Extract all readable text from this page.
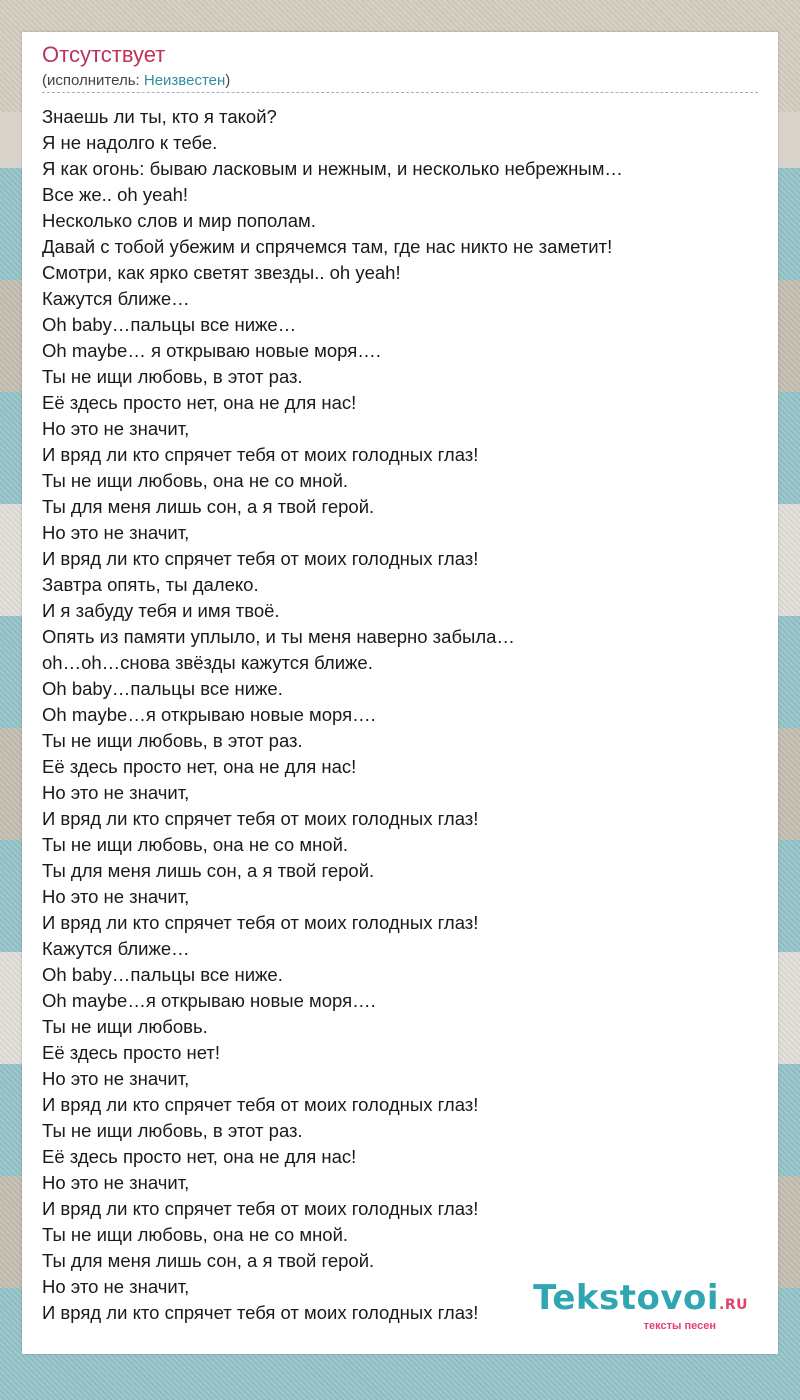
Отсутствует
(исполнитель: Неизвестен)
Знаешь ли ты, кто я такой?
Я не надолго к тебе.
Я как огонь: бываю ласковым и нежным, и несколько небрежным…
Все же.. oh yeah!
Несколько слов и мир пополам.
Давай с тобой убежим и спрячемся там, где нас никто не заметит!
Смотри, как ярко светят звезды.. oh yeah!
Кажутся ближе…
Oh baby…пальцы все ниже…
Oh maybe… я открываю новые моря….
Ты не ищи любовь, в этот раз.
Её здесь просто нет, она не для нас!
Но это не значит,
И вряд ли кто спрячет тебя от моих голодных глаз!
Ты не ищи любовь, она не со мной.
Ты для меня лишь сон, а я твой герой.
Но это не значит,
И вряд ли кто спрячет тебя от моих голодных глаз!
Завтра опять, ты далеко.
И я забуду тебя и имя твоё.
Опять из памяти уплыло, и ты меня наверно забыла…
oh…oh…снова звёзды кажутся ближе.
Oh baby…пальцы все ниже.
Oh maybe…я открываю новые моря….
Ты не ищи любовь, в этот раз.
Её здесь просто нет, она не для нас!
Но это не значит,
И вряд ли кто спрячет тебя от моих голодных глаз!
Ты не ищи любовь, она не со мной.
Ты для меня лишь сон, а я твой герой.
Но это не значит,
И вряд ли кто спрячет тебя от моих голодных глаз!
Кажутся ближе…
Oh baby…пальцы все ниже.
Oh maybe…я открываю новые моря….
Ты не ищи любовь.
Её здесь просто нет!
Но это не значит,
И вряд ли кто спрячет тебя от моих голодных глаз!
Ты не ищи любовь, в этот раз.
Её здесь просто нет, она не для нас!
Но это не значит,
И вряд ли кто спрячет тебя от моих голодных глаз!
Ты не ищи любовь, она не со мной.
Ты для меня лишь сон, а я твой герой.
Но это не значит,
И вряд ли кто спрячет тебя от моих голодных глаз!	Tekstovoi.RU
тексты песен
